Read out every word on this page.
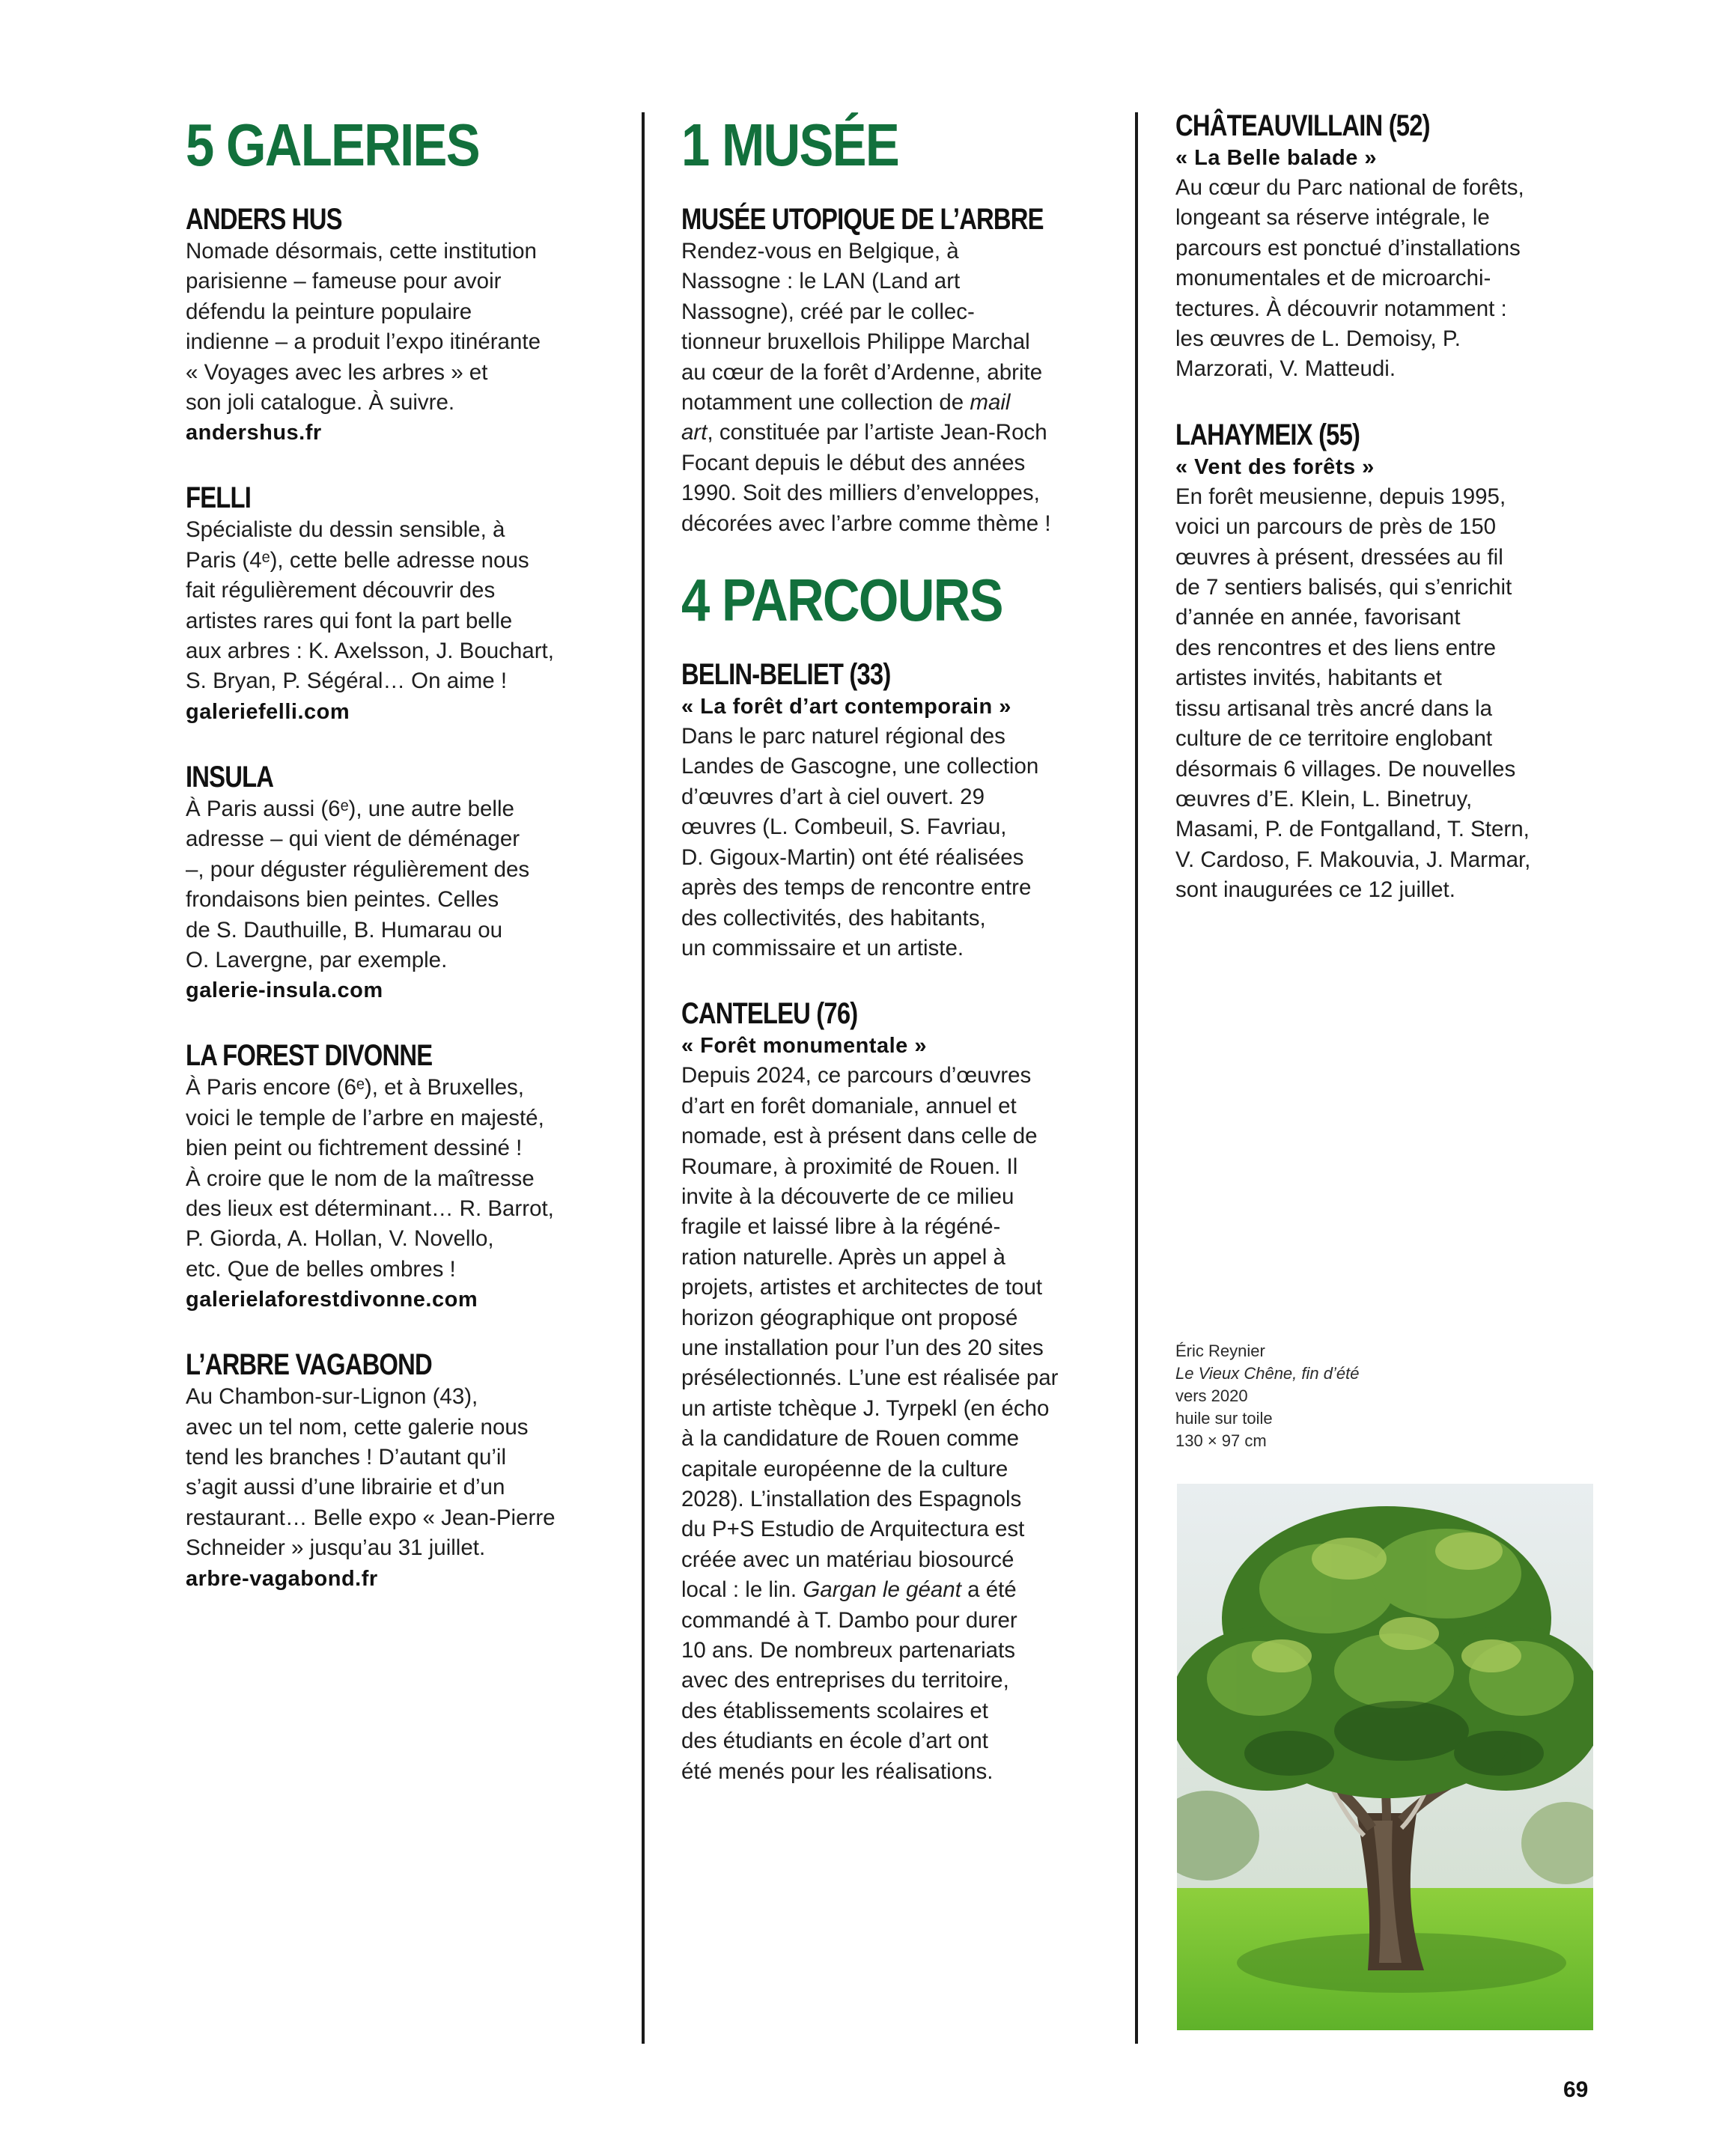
5 GALERIES
ANDERS HUS

Nomade désormais, cette institution

parisienne – fameuse pour avoir

défendu la peinture populaire

indienne – a produit l’expo itinérante

« Voyages avec les arbres » et

son joli catalogue. À suivre.

andershus.fr
FELLI

Spécialiste du dessin sensible, à

Paris (4ᵉ), cette belle adresse nous

fait régulièrement découvrir des

artistes rares qui font la part belle

aux arbres : K. Axelsson, J. Bouchart,

S. Bryan, P. Ségéral… On aime !

galeriefelli.com
INSULA

À Paris aussi (6ᵉ), une autre belle

adresse – qui vient de déménager

–, pour déguster régulièrement des

frondaisons bien peintes. Celles

de S. Dauthuille, B. Humarau ou

O. Lavergne, par exemple.

galerie-insula.com
LA FOREST DIVONNE

À Paris encore (6ᵉ), et à Bruxelles,

voici le temple de l’arbre en majesté,

bien peint ou fichtrement dessiné !

À croire que le nom de la maîtresse

des lieux est déterminant… R. Barrot,

P. Giorda, A. Hollan, V. Novello,

etc. Que de belles ombres !

galerielaforestdivonne.com
L’ARBRE VAGABOND

Au Chambon-sur-Lignon (43),

avec un tel nom, cette galerie nous

tend les branches ! D’autant qu’il

s’agit aussi d’une librairie et d’un

restaurant… Belle expo « Jean-Pierre

Schneider » jusqu’au 31 juillet.

arbre-vagabond.fr
1 MUSÉE
MUSÉE UTOPIQUE DE L’ARBRE

Rendez-vous en Belgique, à

Nassogne : le LAN (Land art

Nassogne), créé par le collec-

tionneur bruxellois Philippe Marchal

au cœur de la forêt d’Ardenne, abrite

notamment une collection de mail

art, constituée par l’artiste Jean-Roch

Focant depuis le début des années

1990. Soit des milliers d’enveloppes,

décorées avec l’arbre comme thème !

4 PARCOURS
BELIN-BELIET (33)
« La forêt d’art contemporain »

Dans le parc naturel régional des

Landes de Gascogne, une collection

d’œuvres d’art à ciel ouvert. 29

œuvres (L. Combeuil, S. Favriau,

D. Gigoux-Martin) ont été réalisées

après des temps de rencontre entre

des collectivités, des habitants,

un commissaire et un artiste.

CANTELEU (76)
« Forêt monumentale »

Depuis 2024, ce parcours d’œuvres

d’art en forêt domaniale, annuel et

nomade, est à présent dans celle de

Roumare, à proximité de Rouen. Il

invite à la découverte de ce milieu

fragile et laissé libre à la régéné-

ration naturelle. Après un appel à

projets, artistes et architectes de tout

horizon géographique ont proposé

une installation pour l’un des 20 sites

présélectionnés. L’une est réalisée par

un artiste tchèque J. Tyrpekl (en écho

à la candidature de Rouen comme

capitale européenne de la culture

2028). L’installation des Espagnols

du P+S Estudio de Arquitectura est

créée avec un matériau biosourcé

local : le lin. Gargan le géant a été

commandé à T. Dambo pour durer

10 ans. De nombreux partenariats

avec des entreprises du territoire,

des établissements scolaires et

des étudiants en école d’art ont

été menés pour les réalisations.

CHÂTEAUVILLAIN (52)
« La Belle balade »

Au cœur du Parc national de forêts,

longeant sa réserve intégrale, le

parcours est ponctué d’installations

monumentales et de microarchi-

tectures. À découvrir notamment :

les œuvres de L. Demoisy, P.

Marzorati, V. Matteudi.

LAHAYMEIX (55)
« Vent des forêts »

En forêt meusienne, depuis 1995,

voici un parcours de près de 150

œuvres à présent, dressées au fil

de 7 sentiers balisés, qui s’enrichit

d’année en année, favorisant

des rencontres et des liens entre

artistes invités, habitants et

tissu artisanal très ancré dans la

culture de ce territoire englobant

désormais 6 villages. De nouvelles

œuvres d’E. Klein, L. Binetruy,

Masami, P. de Fontgalland, T. Stern,

V. Cardoso, F. Makouvia, J. Marmar,

sont inaugurées ce 12 juillet.

Éric Reynier
Le Vieux Chêne, fin d’été
vers 2020
huile sur toile
130 × 97 cm
69
